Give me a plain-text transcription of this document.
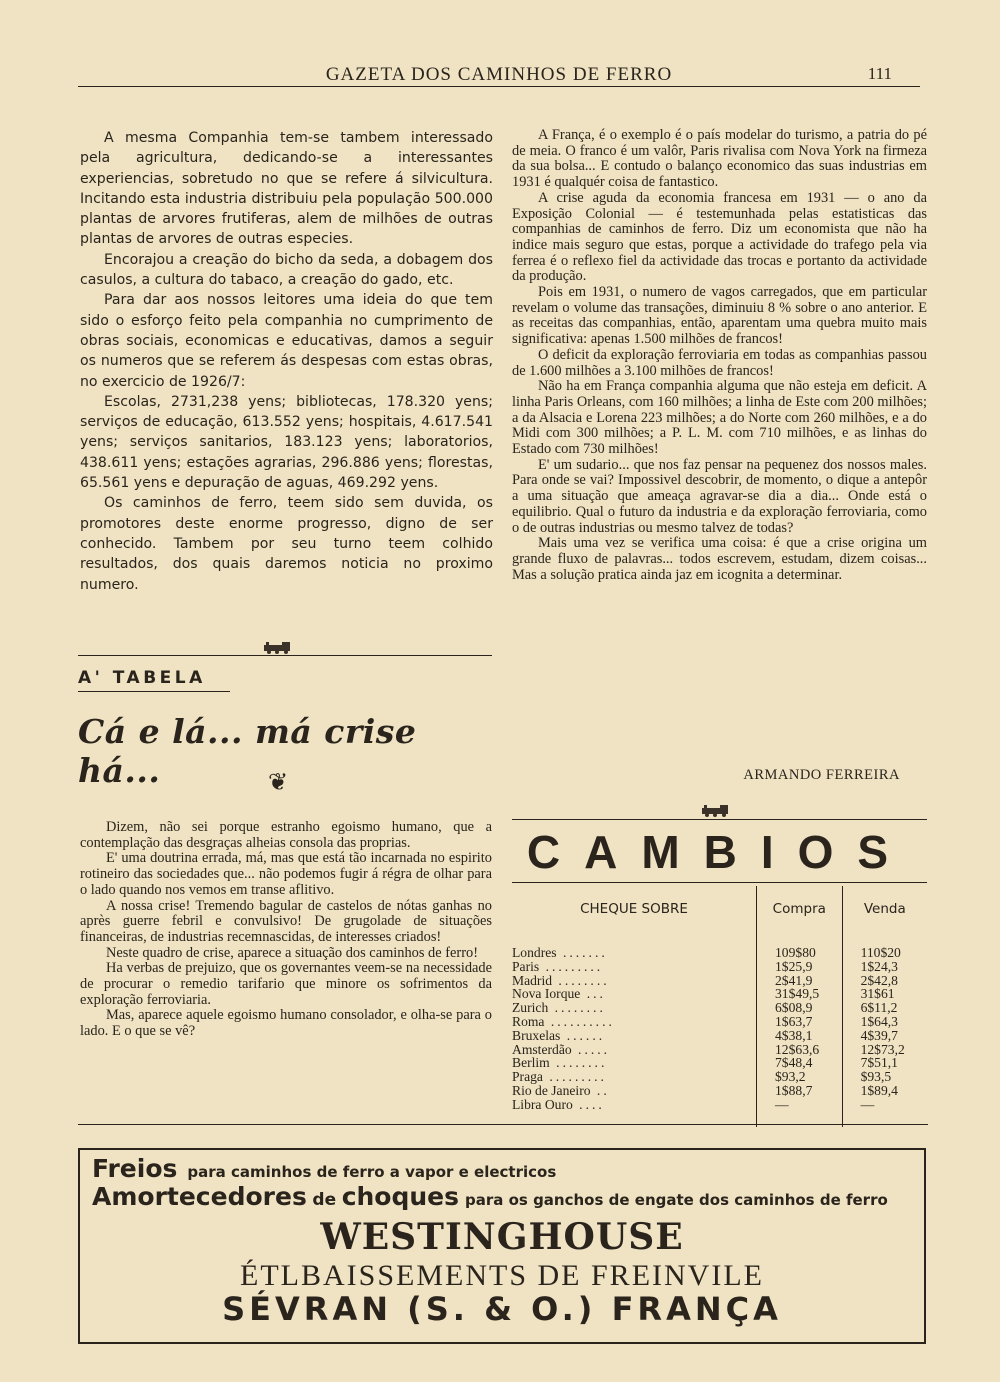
GAZETA DOS CAMINHOS DE FERRO	111

A mesma Companhia tem-se tambem interessado pela agricultura, dedicando-se a interessantes experiencias, sobretudo no que se refere á silvicultura. Incitando esta industria distribuiu pela população 500.000 plantas de arvores frutiferas, alem de milhões de outras plantas de arvores de outras especies.

Encorajou a creação do bicho da seda, a dobagem dos casulos, a cultura do tabaco, a creação do gado, etc.

Para dar aos nossos leitores uma ideia do que tem sido o esforço feito pela companhia no cumprimento de obras sociais, economicas e educativas, damos a seguir os numeros que se referem ás despesas com estas obras, no exercicio de 1926/7:

Escolas, 2731,238 yens; bibliotecas, 178.320 yens; serviços de educação, 613.552 yens; hospitais, 4.617.541 yens; serviços sanitarios, 183.123 yens; laboratorios, 438.611 yens; estações agrarias, 296.886 yens; florestas, 65.561 yens e depuração de aguas, 469.292 yens.

Os caminhos de ferro, teem sido sem duvida, os promotores deste enorme progresso, digno de ser conhecido. Tambem por seu turno teem colhido resultados, dos quais daremos noticia no proximo numero.

A' TABELA
Cá e lá... má crise há...	❦

Dizem, não sei porque estranho egoismo humano, que a contemplação das desgraças alheias consola das proprias.

E' uma doutrina errada, má, mas que está tão incarnada no espirito rotineiro das sociedades que... não podemos fugir á régra de olhar para o lado quando nos vemos em transe aflitivo.

A nossa crise! Tremendo bagular de castelos de nótas ganhas no après guerre febril e convulsivo! De grugolade de situações financeiras, de industrias recemnascidas, de interesses criados!

Neste quadro de crise, aparece a situação dos caminhos de ferro!

Ha verbas de prejuizo, que os governantes veem-se na necessidade de procurar o remedio tarifario que minore os sofrimentos da exploração ferroviaria.

Mas, aparece aquele egoismo humano consolador, e olha-se para o lado. E o que se vê?

A França, é o exemplo é o país modelar do turismo, a patria do pé de meia. O franco é um valôr, Paris rivalisa com Nova York na firmeza da sua bolsa... E contudo o balanço economico das suas industrias em 1931 é qualquér coisa de fantastico.

A crise aguda da economia francesa em 1931 — o ano da Exposição Colonial — é testemunhada pelas estatisticas das companhias de caminhos de ferro. Diz um economista que não ha indice mais seguro que estas, porque a actividade do trafego pela via ferrea é o reflexo fiel da actividade das trocas e portanto da actividade da produção.

Pois em 1931, o numero de vagos carregados, que em particular revelam o volume das transações, diminuiu 8 % sobre o ano anterior. E as receitas das companhias, então, aparentam uma quebra muito mais significativa: apenas 1.500 milhões de francos!

O deficit da exploração ferroviaria em todas as companhias passou de 1.600 milhões a 3.100 milhões de francos!

Não ha em França companhia alguma que não esteja em deficit. A linha Paris Orleans, com 160 milhões; a linha de Este com 200 milhões; a da Alsacia e Lorena 223 milhões; a do Norte com 260 milhões, e a do Midi com 300 milhões; a P. L. M. com 710 milhões, e as linhas do Estado com 730 milhões!

E' um sudario... que nos faz pensar na pequenez dos nossos males. Para onde se vai? Impossivel descobrir, de momento, o dique a antepôr a uma situação que ameaça agravar-se dia a dia... Onde está o equilibrio. Qual o futuro da industria e da exploração ferroviaria, como o de outras industrias ou mesmo talvez de todas?

Mais uma vez se verifica uma coisa: é que a crise origina um grande fluxo de palavras... todos escrevem, estudam, dizem coisas... Mas a solução pratica ainda jaz em icognita a determinar.

ARMANDO FERREIRA
CAMBIOS
CHEQUE SOBRE	Compra	Venda
Londres .......	109$80	110$20
Paris .........	1$25,9	1$24,3
Madrid ........	2$41,9	2$42,8
Nova Iorque ...	31$49,5	31$61
Zurich ........	6$08,9	6$11,2
Roma ..........	1$63,7	1$64,3
Bruxelas ......	4$38,1	4$39,7
Amsterdão .....	12$63,6	12$73,2
Berlim ........	7$48,4	7$51,1
Praga .........	$93,2	$93,5
Rio de Janeiro ..	1$88,7	1$89,4
Libra Ouro ....	—	—
Freios para caminhos de ferro a vapor e electricos
Amortecedores de choques para os ganchos de engate dos caminhos de ferro
WESTINGHOUSE
ÉTLBAISSEMENTS DE FREINVILE
SÉVRAN (S. & O.) FRANÇA
